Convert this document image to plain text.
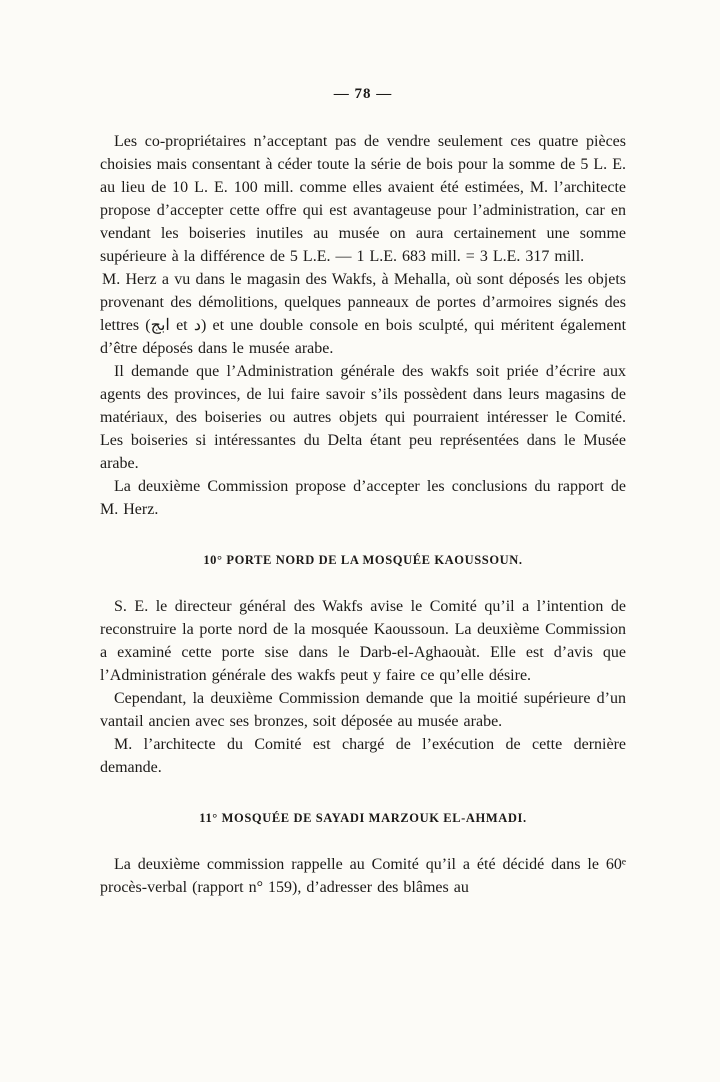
— 78 —

Les co-propriétaires n’acceptant pas de vendre seulement ces quatre pièces choisies mais consentant à céder toute la série de bois pour la somme de 5 L. E. au lieu de 10 L. E. 100 mill. comme elles avaient été estimées, M. l’architecte propose d’accepter cette offre qui est avantageuse pour l’administration, car en vendant les boiseries inutiles au musée on aura certainement une somme supérieure à la différence de 5 L.E. — 1 L.E. 683 mill. = 3 L.E. 317 mill.

M. Herz a vu dans le magasin des Wakfs, à Mehalla, où sont déposés les objets provenant des démolitions, quelques panneaux de portes d’armoires signés des lettres (ابج et د) et une double console en bois sculpté, qui méritent également d’être déposés dans le musée arabe.

Il demande que l’Administration générale des wakfs soit priée d’écrire aux agents des provinces, de lui faire savoir s’ils possèdent dans leurs magasins de matériaux, des boiseries ou autres objets qui pourraient intéresser le Comité. Les boiseries si intéressantes du Delta étant peu représentées dans le Musée arabe.

La deuxième Commission propose d’accepter les conclusions du rapport de M. Herz.

10° PORTE NORD DE LA MOSQUÉE KAOUSSOUN.

S. E. le directeur général des Wakfs avise le Comité qu’il a l’intention de reconstruire la porte nord de la mosquée Kaoussoun. La deuxième Commission a examiné cette porte sise dans le Darb-el-Aghaouàt. Elle est d’avis que l’Administration générale des wakfs peut y faire ce qu’elle désire.

Cependant, la deuxième Commission demande que la moitié supérieure d’un vantail ancien avec ses bronzes, soit déposée au musée arabe.

M. l’architecte du Comité est chargé de l’exécution de cette dernière demande.

11° MOSQUÉE DE SAYADI MARZOUK EL-AHMADI.

La deuxième commission rappelle au Comité qu’il a été décidé dans le 60ᵉ procès-verbal (rapport n° 159), d’adresser des blâmes au
